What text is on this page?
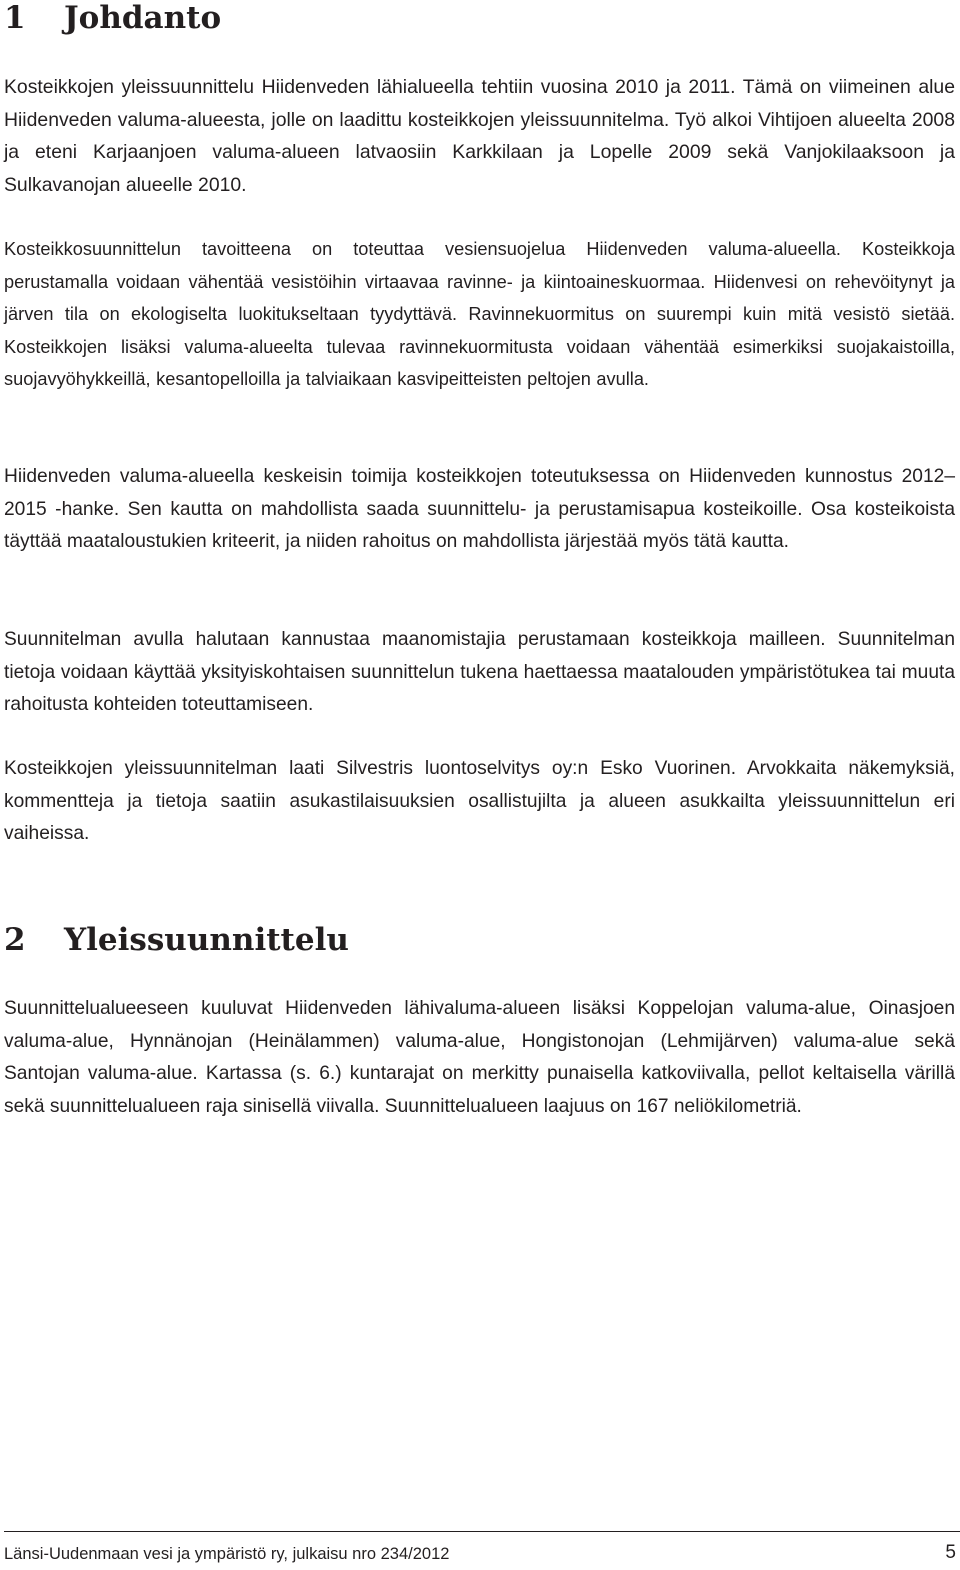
1 Johdanto

Kosteikkojen yleissuunnittelu Hiidenveden lähialueella tehtiin vuosina 2010 ja 2011. Tämä on viimeinen alue Hiidenveden valuma-alueesta, jolle on laadittu kosteikkojen yleissuunnitelma. Työ alkoi Vihtijoen alueelta 2008 ja eteni Karjaanjoen valuma-alueen latvaosiin Karkkilaan ja Lopelle 2009 sekä Vanjokilaaksoon ja Sulkavanojan alueelle 2010.

Kosteikkosuunnittelun tavoitteena on toteuttaa vesiensuojelua Hiidenveden valuma-alueella. Kosteikkoja perustamalla voidaan vähentää vesistöihin virtaavaa ravinne- ja kiintoaineskuormaa. Hiidenvesi on rehevöitynyt ja järven tila on ekologiselta luokitukseltaan tyydyttävä. Ravinnekuormitus on suurempi kuin mitä vesistö sietää. Kosteikkojen lisäksi valuma-alueelta tulevaa ravinnekuormitusta voidaan vähentää esimerkiksi suojakaistoilla, suojavyöhykkeillä, kesantopelloilla ja talviaikaan kasvipeitteisten peltojen avulla.

Hiidenveden valuma-alueella keskeisin toimija kosteikkojen toteutuksessa on Hiidenveden kunnostus 2012–2015 -hanke. Sen kautta on mahdollista saada suunnittelu- ja perustamisapua kosteikoille. Osa kosteikoista täyttää maataloustukien kriteerit, ja niiden rahoitus on mahdollista järjestää myös tätä kautta.

Suunnitelman avulla halutaan kannustaa maanomistajia perustamaan kosteikkoja mailleen. Suunnitelman tietoja voidaan käyttää yksityiskohtaisen suunnittelun tukena haettaessa maatalouden ympäristötukea tai muuta rahoitusta kohteiden toteuttamiseen.

Kosteikkojen yleissuunnitelman laati Silvestris luontoselvitys oy:n Esko Vuorinen. Arvokkaita näkemyksiä, kommentteja ja tietoja saatiin asukastilaisuuksien osallistujilta ja alueen asukkailta yleissuunnittelun eri vaiheissa.

2 Yleissuunnittelu

Suunnittelualueeseen kuuluvat Hiidenveden lähivaluma-alueen lisäksi Koppelojan valuma-alue, Oinasjoen valuma-alue, Hynnänojan (Heinälammen) valuma-alue, Hongistonojan (Lehmijärven) valuma-alue sekä Santojan valuma-alue. Kartassa (s. 6.) kuntarajat on merkitty punaisella katkoviivalla, pellot keltaisella värillä sekä suunnittelualueen raja sinisellä viivalla. Suunnittelualueen laajuus on 167 neliökilometriä.

Länsi-Uudenmaan vesi ja ympäristö ry, julkaisu nro 234/2012	5
